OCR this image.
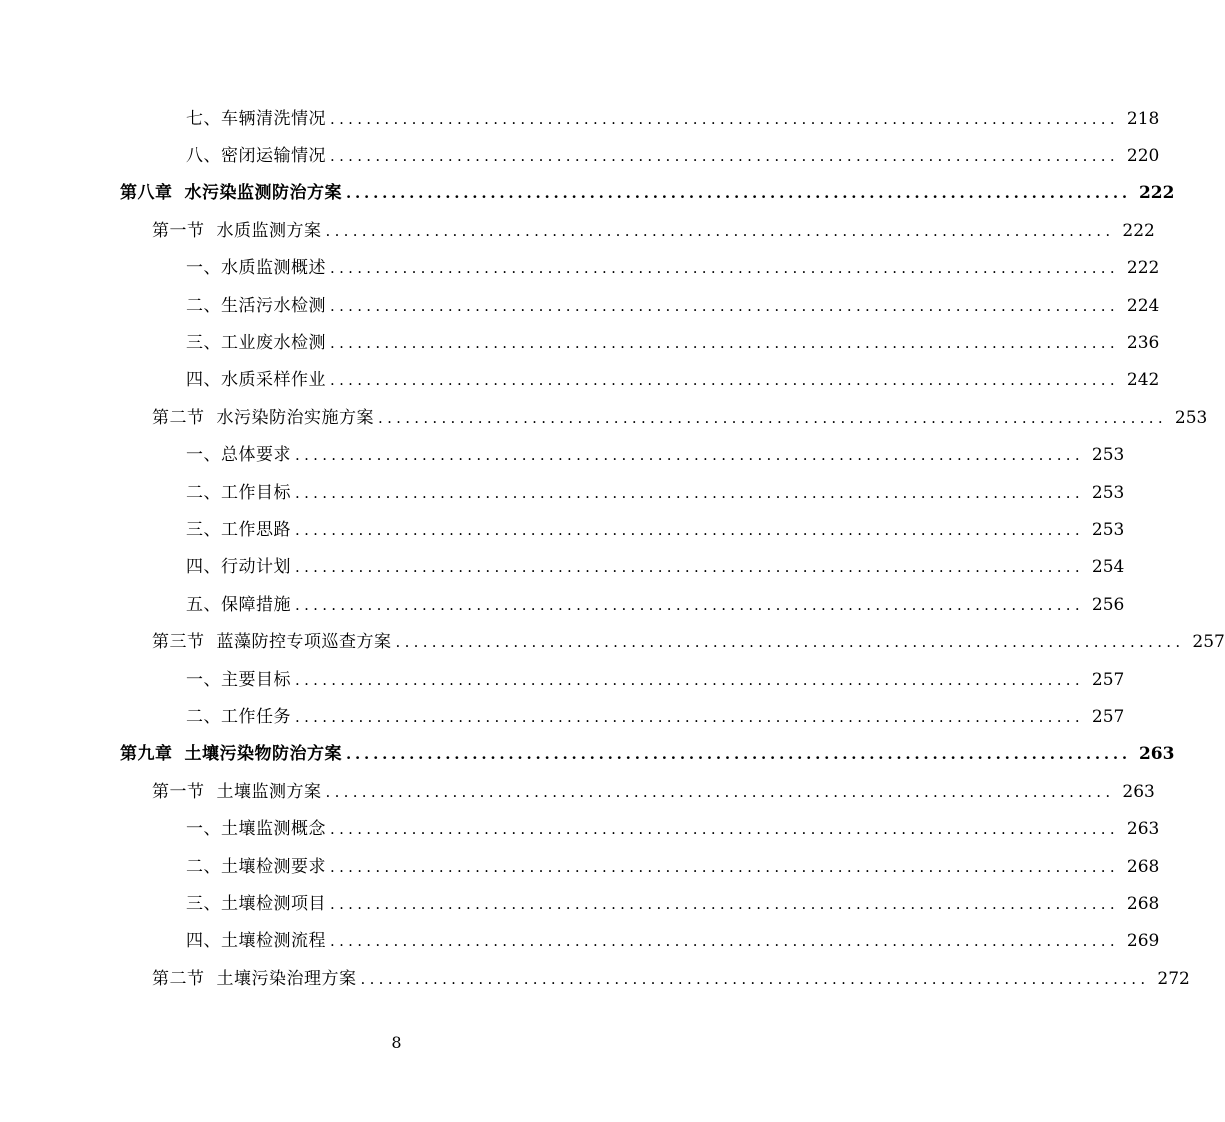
七、车辆清洗情况 ....................................................................................... 218
八、密闭运输情况 ....................................................................................... 220
第八章 水污染监测防治方案 ....................................................................................... 222
第一节 水质监测方案 ....................................................................................... 222
一、水质监测概述 ....................................................................................... 222
二、生活污水检测 ....................................................................................... 224
三、工业废水检测 ....................................................................................... 236
四、水质采样作业 ....................................................................................... 242
第二节 水污染防治实施方案 ....................................................................................... 253
一、总体要求 ....................................................................................... 253
二、工作目标 ....................................................................................... 253
三、工作思路 ....................................................................................... 253
四、行动计划 ....................................................................................... 254
五、保障措施 ....................................................................................... 256
第三节 蓝藻防控专项巡查方案 ....................................................................................... 257
一、主要目标 ....................................................................................... 257
二、工作任务 ....................................................................................... 257
第九章 土壤污染物防治方案 ....................................................................................... 263
第一节 土壤监测方案 ....................................................................................... 263
一、土壤监测概念 ....................................................................................... 263
二、土壤检测要求 ....................................................................................... 268
三、土壤检测项目 ....................................................................................... 268
四、土壤检测流程 ....................................................................................... 269
第二节 土壤污染治理方案 ....................................................................................... 272
8
